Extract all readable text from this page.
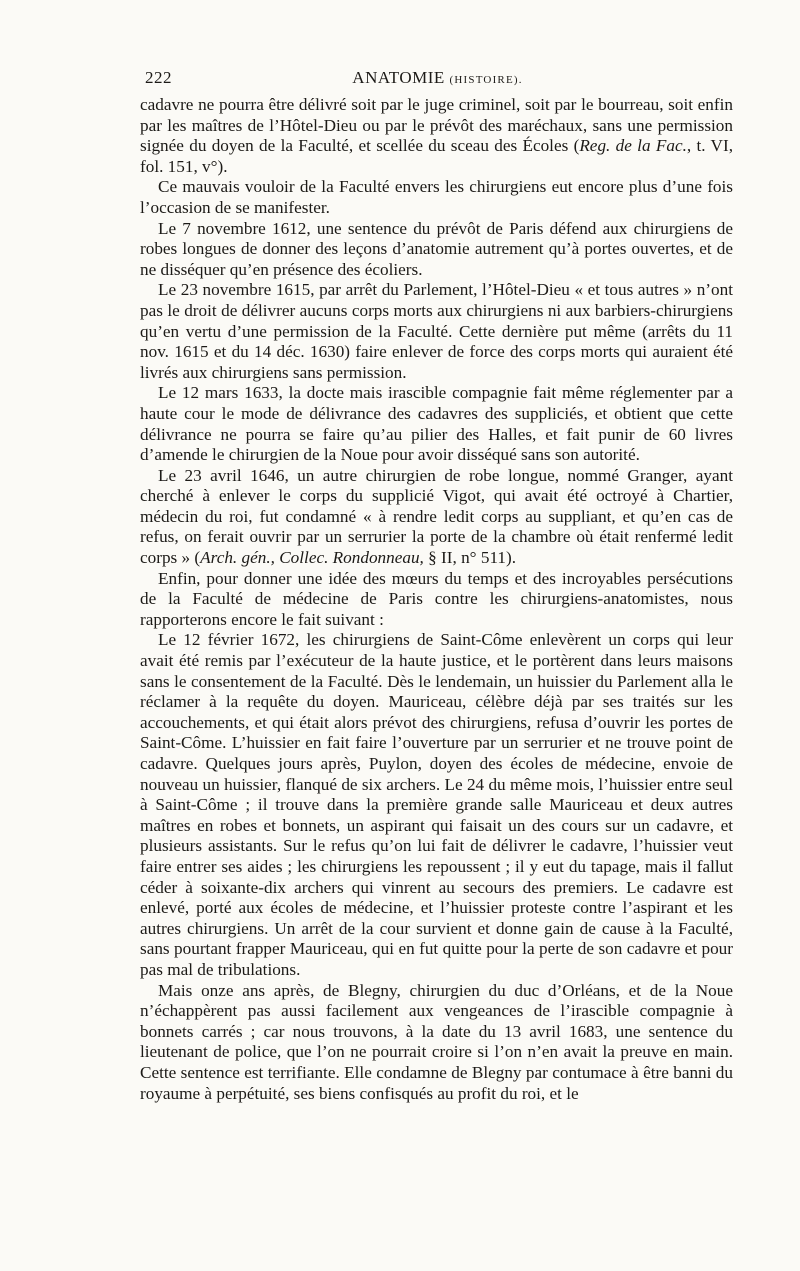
222	ANATOMIE (HISTOIRE).

cadavre ne pourra être délivré soit par le juge criminel, soit par le bourreau, soit enfin par les maîtres de l’Hôtel-Dieu ou par le prévôt des maréchaux, sans une permission signée du doyen de la Faculté, et scellée du sceau des Écoles (Reg. de la Fac., t. VI, fol. 151, v°).

Ce mauvais vouloir de la Faculté envers les chirurgiens eut encore plus d’une fois l’occasion de se manifester.

Le 7 novembre 1612, une sentence du prévôt de Paris défend aux chirurgiens de robes longues de donner des leçons d’anatomie autrement qu’à portes ouvertes, et de ne disséquer qu’en présence des écoliers.

Le 23 novembre 1615, par arrêt du Parlement, l’Hôtel-Dieu « et tous autres » n’ont pas le droit de délivrer aucuns corps morts aux chirurgiens ni aux barbiers-chirurgiens qu’en vertu d’une permission de la Faculté. Cette dernière put même (arrêts du 11 nov. 1615 et du 14 déc. 1630) faire enlever de force des corps morts qui auraient été livrés aux chirurgiens sans permission.

Le 12 mars 1633, la docte mais irascible compagnie fait même réglementer par a haute cour le mode de délivrance des cadavres des suppliciés, et obtient que cette délivrance ne pourra se faire qu’au pilier des Halles, et fait punir de 60 livres d’amende le chirurgien de la Noue pour avoir disséqué sans son autorité.

Le 23 avril 1646, un autre chirurgien de robe longue, nommé Granger, ayant cherché à enlever le corps du supplicié Vigot, qui avait été octroyé à Chartier, médecin du roi, fut condamné « à rendre ledit corps au suppliant, et qu’en cas de refus, on ferait ouvrir par un serrurier la porte de la chambre où était renfermé ledit corps » (Arch. gén., Collec. Rondonneau, § II, n° 511).

Enfin, pour donner une idée des mœurs du temps et des incroyables persécutions de la Faculté de médecine de Paris contre les chirurgiens-anatomistes, nous rapporterons encore le fait suivant :

Le 12 février 1672, les chirurgiens de Saint-Côme enlevèrent un corps qui leur avait été remis par l’exécuteur de la haute justice, et le portèrent dans leurs maisons sans le consentement de la Faculté. Dès le lendemain, un huissier du Parlement alla le réclamer à la requête du doyen. Mauriceau, célèbre déjà par ses traités sur les accouchements, et qui était alors prévot des chirurgiens, refusa d’ouvrir les portes de Saint-Côme. L’huissier en fait faire l’ouverture par un serrurier et ne trouve point de cadavre. Quelques jours après, Puylon, doyen des écoles de médecine, envoie de nouveau un huissier, flanqué de six archers. Le 24 du même mois, l’huissier entre seul à Saint-Côme ; il trouve dans la première grande salle Mauriceau et deux autres maîtres en robes et bonnets, un aspirant qui faisait un des cours sur un cadavre, et plusieurs assistants. Sur le refus qu’on lui fait de délivrer le cadavre, l’huissier veut faire entrer ses aides ; les chirurgiens les repoussent ; il y eut du tapage, mais il fallut céder à soixante-dix archers qui vinrent au secours des premiers. Le cadavre est enlevé, porté aux écoles de médecine, et l’huissier proteste contre l’aspirant et les autres chirurgiens. Un arrêt de la cour survient et donne gain de cause à la Faculté, sans pourtant frapper Mauriceau, qui en fut quitte pour la perte de son cadavre et pour pas mal de tribulations.

Mais onze ans après, de Blegny, chirurgien du duc d’Orléans, et de la Noue n’échappèrent pas aussi facilement aux vengeances de l’irascible compagnie à bonnets carrés ; car nous trouvons, à la date du 13 avril 1683, une sentence du lieutenant de police, que l’on ne pourrait croire si l’on n’en avait la preuve en main. Cette sentence est terrifiante. Elle condamne de Blegny par contumace à être banni du royaume à perpétuité, ses biens confisqués au profit du roi, et le
